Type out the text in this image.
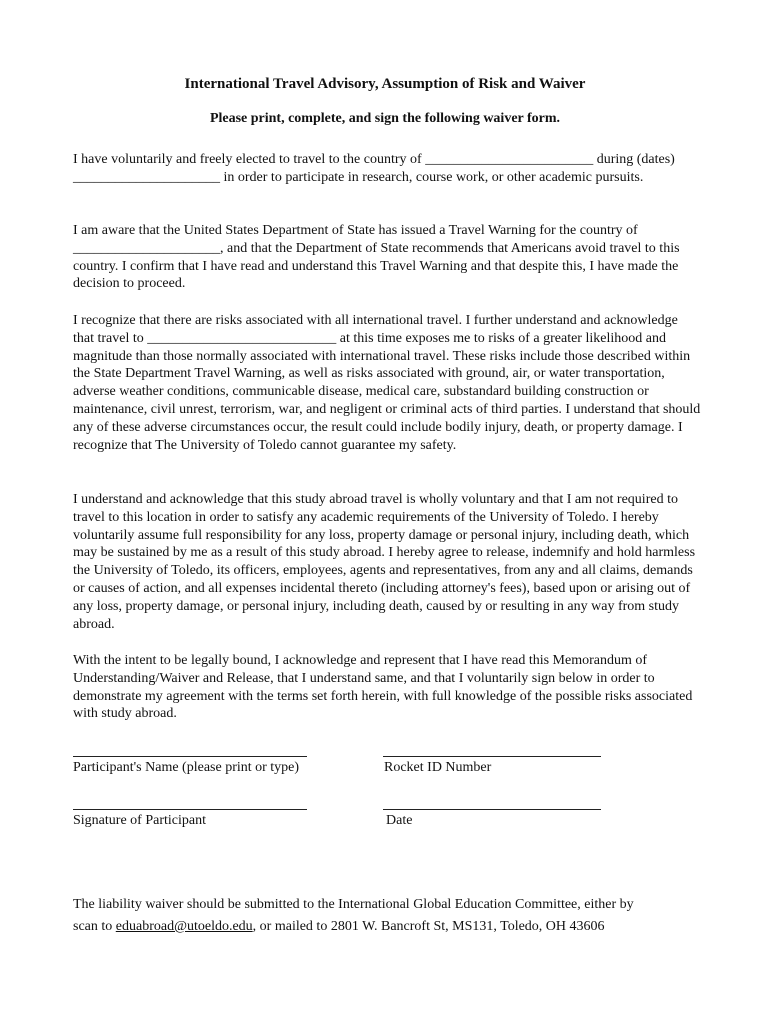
International Travel Advisory, Assumption of Risk and Waiver
Please print, complete, and sign the following waiver form.

I have voluntarily and freely elected to travel to the country of ________________________ during (dates) _____________________ in order to participate in research, course work, or other academic pursuits.

I am aware that the United States Department of State has issued a Travel Warning for the country of _____________________, and that the Department of State recommends that Americans avoid travel to this country. I confirm that I have read and understand this Travel Warning and that despite this, I have made the decision to proceed.

I recognize that there are risks associated with all international travel. I further understand and acknowledge that travel to ___________________________ at this time exposes me to risks of a greater likelihood and magnitude than those normally associated with international travel. These risks include those described within the State Department Travel Warning, as well as risks associated with ground, air, or water transportation, adverse weather conditions, communicable disease, medical care, substandard building construction or maintenance, civil unrest, terrorism, war, and negligent or criminal acts of third parties. I understand that should any of these adverse circumstances occur, the result could include bodily injury, death, or property damage. I recognize that The University of Toledo cannot guarantee my safety.

I understand and acknowledge that this study abroad travel is wholly voluntary and that I am not required to travel to this location in order to satisfy any academic requirements of the University of Toledo. I hereby voluntarily assume full responsibility for any loss, property damage or personal injury, including death, which may be sustained by me as a result of this study abroad. I hereby agree to release, indemnify and hold harmless the University of Toledo, its officers, employees, agents and representatives, from any and all claims, demands or causes of action, and all expenses incidental thereto (including attorney's fees), based upon or arising out of any loss, property damage, or personal injury, including death, caused by or resulting in any way from study abroad.

With the intent to be legally bound, I acknowledge and represent that I have read this Memorandum of Understanding/Waiver and Release, that I understand same, and that I voluntarily sign below in order to demonstrate my agreement with the terms set forth herein, with full knowledge of the possible risks associated with study abroad.

Participant's Name (please print or type)	Rocket ID Number
Signature of Participant	Date
The liability waiver should be submitted to the International Global Education Committee, either by
scan to eduabroad@utoeldo.edu, or mailed to 2801 W. Bancroft St, MS131, Toledo, OH 43606
